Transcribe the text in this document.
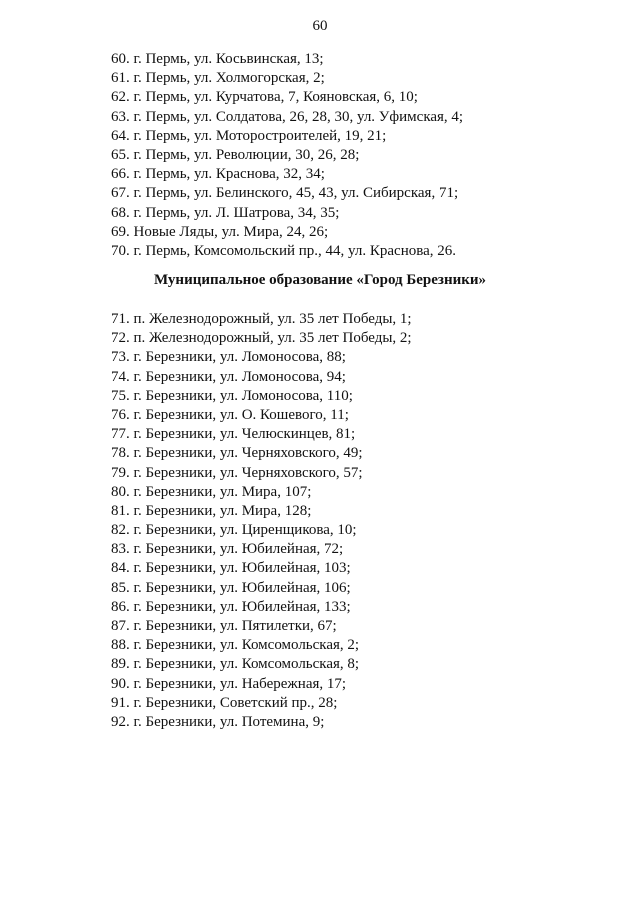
60
60. г. Пермь, ул. Косьвинская, 13;
61. г. Пермь, ул. Холмогорская, 2;
62. г. Пермь, ул. Курчатова, 7, Кояновская, 6, 10;
63. г. Пермь, ул. Солдатова, 26, 28, 30, ул. Уфимская, 4;
64. г. Пермь, ул. Моторостроителей, 19, 21;
65. г. Пермь, ул. Революции, 30, 26, 28;
66. г. Пермь, ул. Краснова, 32, 34;
67. г. Пермь, ул. Белинского, 45, 43, ул. Сибирская, 71;
68. г. Пермь, ул. Л. Шатрова, 34, 35;
69. Новые Ляды, ул. Мира, 24, 26;
70. г. Пермь, Комсомольский пр., 44, ул. Краснова, 26.
Муниципальное образование «Город Березники»
71. п. Железнодорожный, ул. 35 лет Победы, 1;
72. п. Железнодорожный, ул. 35 лет Победы, 2;
73. г. Березники, ул. Ломоносова, 88;
74. г. Березники, ул. Ломоносова, 94;
75. г. Березники, ул. Ломоносова, 110;
76. г. Березники, ул. О. Кошевого, 11;
77. г. Березники, ул. Челюскинцев, 81;
78. г. Березники, ул. Черняховского, 49;
79. г. Березники, ул. Черняховского, 57;
80. г. Березники, ул. Мира, 107;
81. г. Березники, ул. Мира, 128;
82. г. Березники, ул. Циренщикова, 10;
83. г. Березники, ул. Юбилейная, 72;
84. г. Березники, ул. Юбилейная, 103;
85. г. Березники, ул. Юбилейная, 106;
86. г. Березники, ул. Юбилейная, 133;
87. г. Березники, ул. Пятилетки, 67;
88. г. Березники, ул. Комсомольская, 2;
89. г. Березники, ул. Комсомольская, 8;
90. г. Березники, ул. Набережная, 17;
91. г. Березники, Советский пр., 28;
92. г. Березники, ул. Потемина, 9;
